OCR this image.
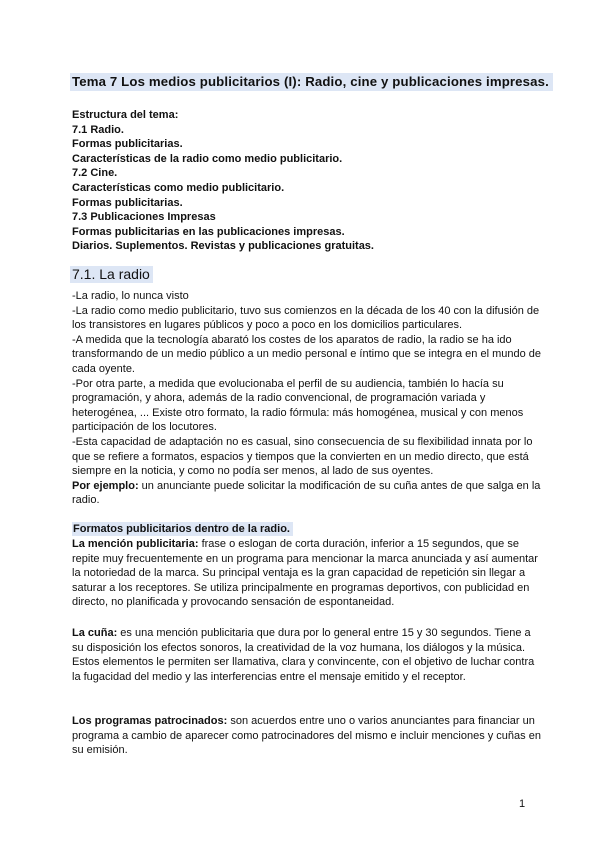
Tema 7 Los medios publicitarios (I): Radio, cine y publicaciones impresas.
Estructura del tema:
7.1 Radio.
Formas publicitarias.
Características de la radio como medio publicitario.
7.2 Cine.
Características como medio publicitario.
Formas publicitarias.
7.3 Publicaciones Impresas
Formas publicitarias en las publicaciones impresas.
Diarios. Suplementos. Revistas y publicaciones gratuitas.
7.1. La radio
-La radio, lo nunca visto
-La radio como medio publicitario, tuvo sus comienzos en la década de los 40 con la difusión de los transistores en lugares públicos y poco a poco en los domicilios particulares.
-A medida que la tecnología abarató los costes de los aparatos de radio, la radio se ha ido transformando de un medio público a un medio personal e íntimo que se integra en el mundo de cada oyente.
-Por otra parte, a medida que evolucionaba el perfil de su audiencia, también lo hacía su programación, y ahora, además de la radio convencional, de programación variada y heterogénea, ... Existe otro formato, la radio fórmula: más homogénea, musical y con menos participación de los locutores.
-Esta capacidad de adaptación no es casual, sino consecuencia de su flexibilidad innata por lo que se refiere a formatos, espacios y tiempos que la convierten en un medio directo, que está siempre en la noticia, y como no podía ser menos, al lado de sus oyentes.
Por ejemplo: un anunciante puede solicitar la modificación de su cuña antes de que salga en la radio.
Formatos publicitarios dentro de la radio.
La mención publicitaria: frase o eslogan de corta duración, inferior a 15 segundos, que se repite muy frecuentemente en un programa para mencionar la marca anunciada y así aumentar la notoriedad de la marca. Su principal ventaja es la gran capacidad de repetición sin llegar a saturar a los receptores. Se utiliza principalmente en programas deportivos, con publicidad en directo, no planificada y provocando sensación de espontaneidad.
La cuña: es una mención publicitaria que dura por lo general entre 15 y 30 segundos. Tiene a su disposición los efectos sonoros, la creatividad de la voz humana, los diálogos y la música. Estos elementos le permiten ser llamativa, clara y convincente, con el objetivo de luchar contra la fugacidad del medio y las interferencias entre el mensaje emitido y el receptor.
Los programas patrocinados: son acuerdos entre uno o varios anunciantes para financiar un programa a cambio de aparecer como patrocinadores del mismo e incluir menciones y cuñas en su emisión.
1
